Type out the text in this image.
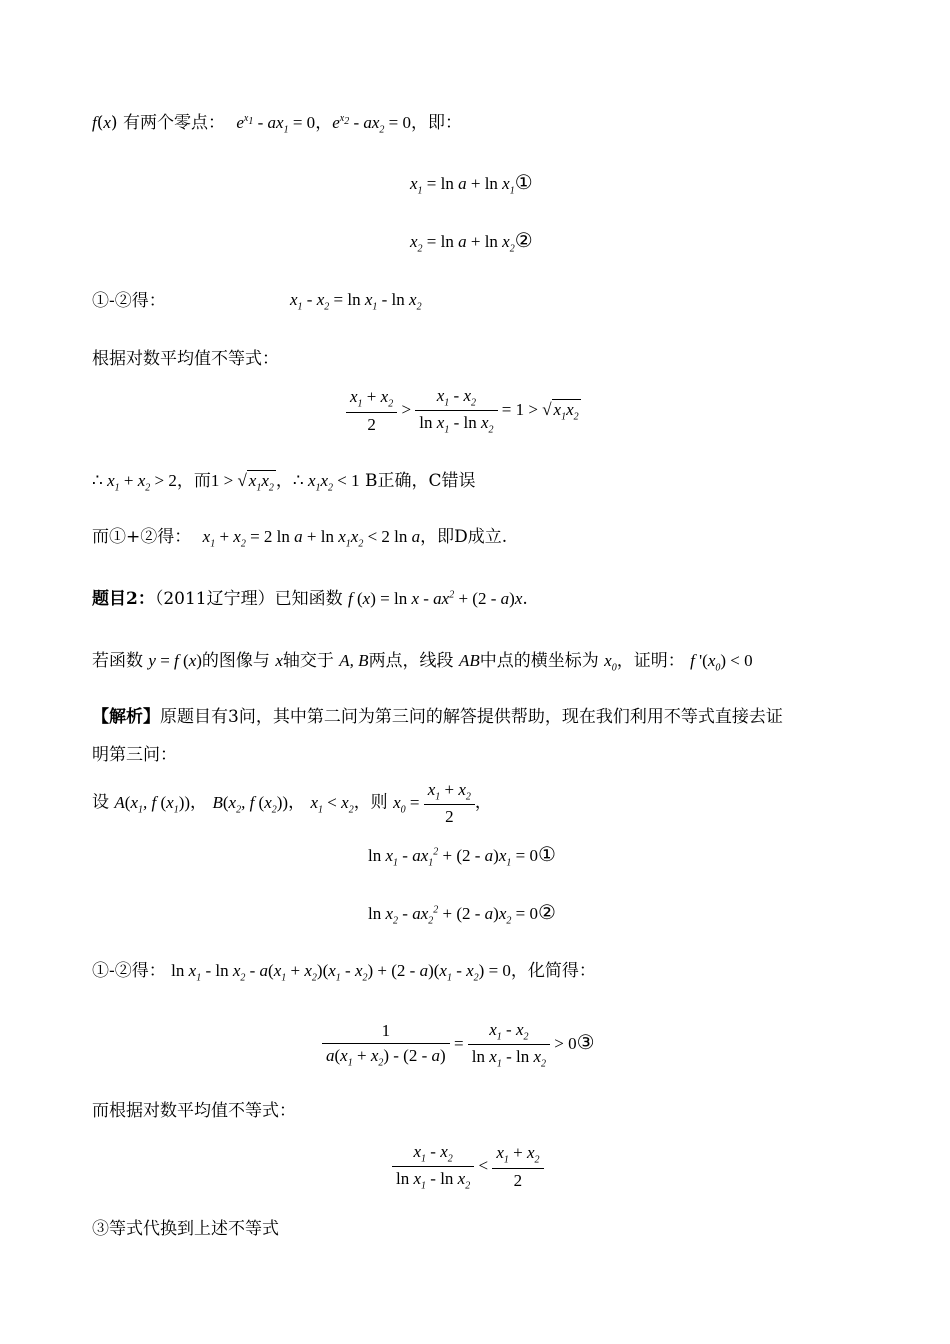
f(x) 有两个零点： $e^{x_1} - ax_1 = 0$，$e^{x_2} - ax_2 = 0$，即：
$x_1 = \ln a + \ln$ $x_1①$
$x_2 = \ln a + \ln$ $x_2②$
①-②得：	$x_1 - x_2 = \ln x_1 - \ln x_2$
根据对数平均值不等式：
$\frac{x_1 + x_2}{2} > \frac{x_1 - x_2}{\ln x_1 - \ln x_2} = 1$ > √ $x_1x_2$
∴ $x_1 + x_2 > 2$，而1 > √ $x_1x_2$ ，∴ $x_1x_2 < 1$ B正确，C错误
而①+②得： $x_1 + x_2 = 2$ $\ln a + \ln x_1x_2 < 2$ ln a，即D成立.
题目2：（2011辽宁理）已知函数 f $(x) = \ln x - ax^2 + (2 - a)x$.
若函数 y = f (x)的图像与 x轴交于 A, B两点，线段 AB中点的横坐标为 $x_0$，证明： f '$(x_0) < 0$
【解析】原题目有3问，其中第二问为第三问的解答提供帮助，现在我们利用不等式直接去证
明第三问：
设 $A(x_1$, f $(x_1)$)， $B(x_2$, f $(x_2)$)， $x_1 < x_2$，则 $x_0 = \frac{x_1 + x_2}{2}$ ，
$\ln x_1 - ax_1^2 + (2 - a)x_1$ = 0①
$\ln x_2 - ax_2^2 + (2 - a)x_2$ = 0②
①-②得： $\ln x_1 - \ln x_2 - a(x_1 + x_2)(x_1 - x_2) + (2 - a)(x_1 - x_2) = 0$，化简得：
$\frac{1}{a(x_1 + x_2) - (2 - a)} = \frac{x_1 - x_2}{\ln x_1 - \ln x_2}$ > 0③
而根据对数平均值不等式：
$\frac{x_1 - x_2}{\ln x_1 - \ln x_2} < \frac{x_1 + x_2}{2}$
③等式代换到上述不等式
